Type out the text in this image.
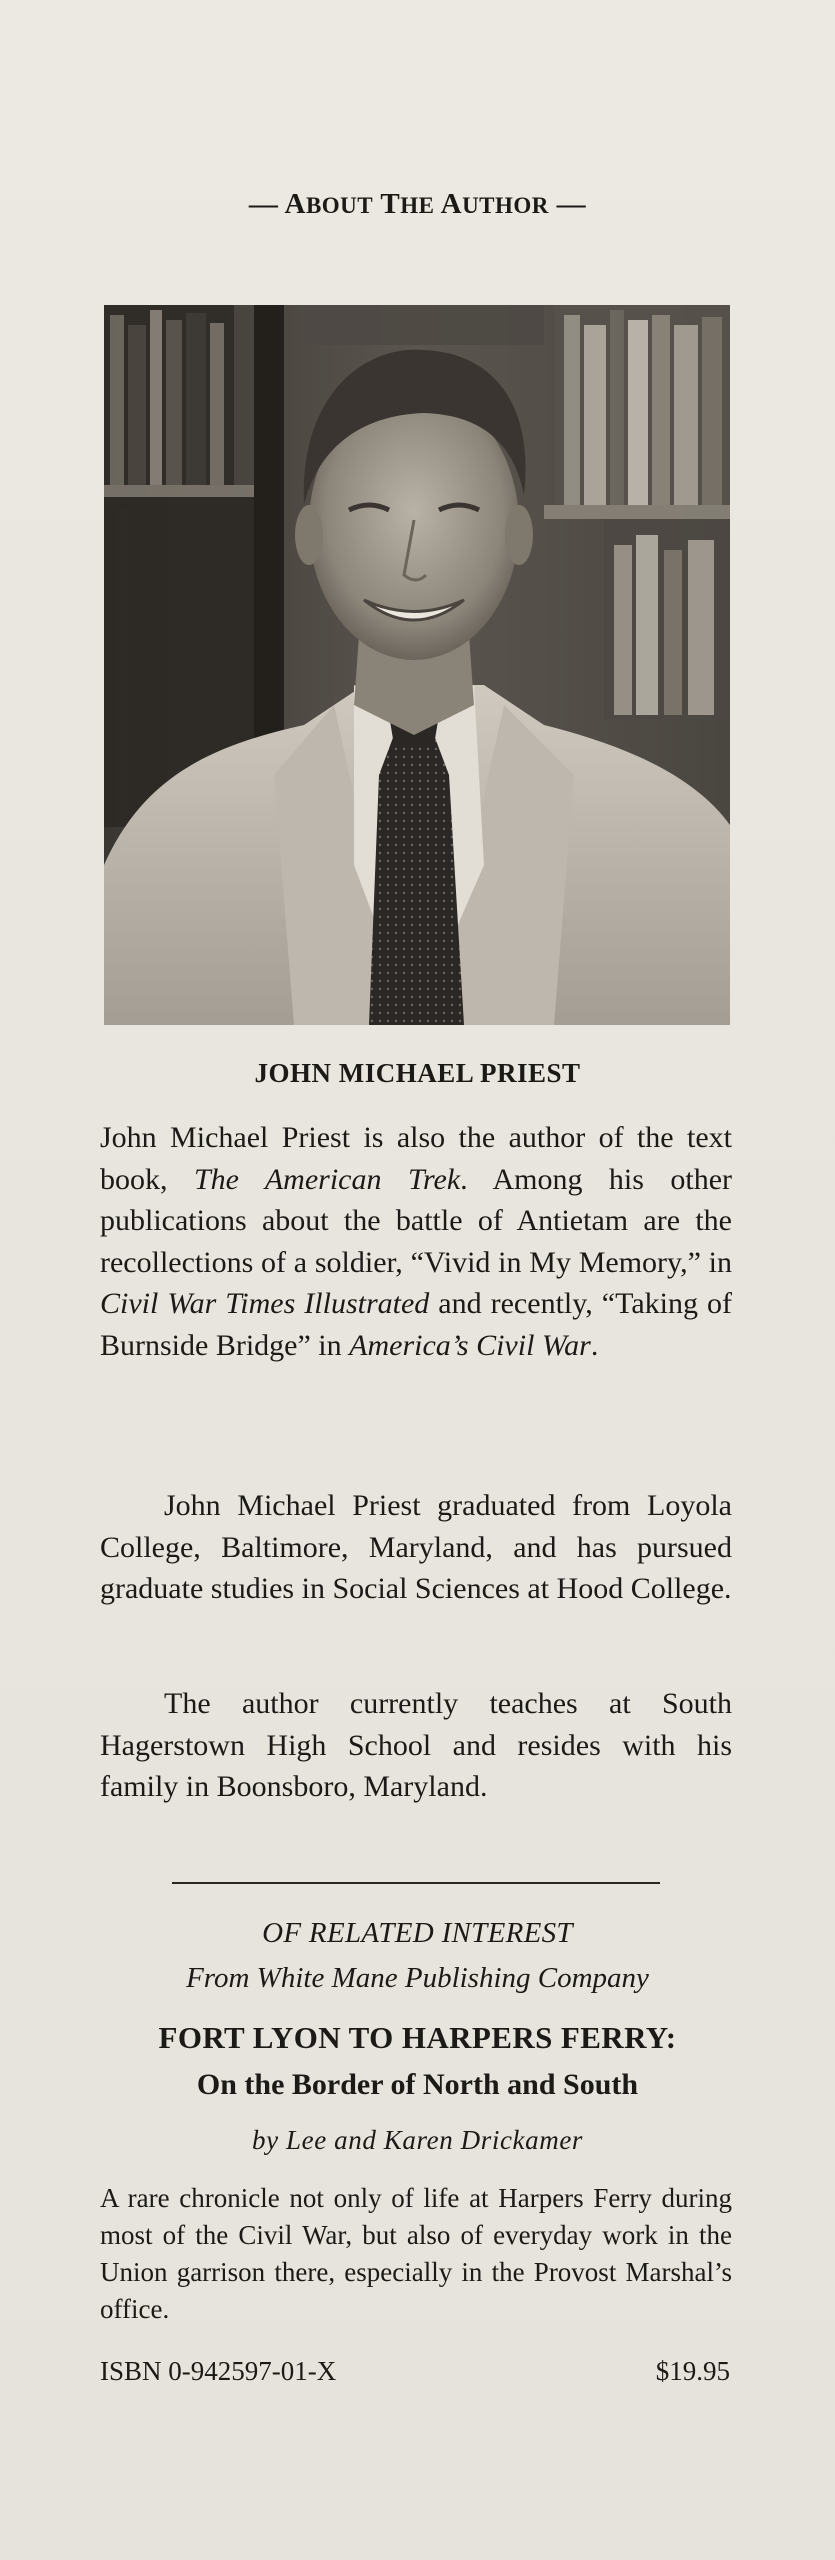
— ABOUT THE AUTHOR —
JOHN MICHAEL PRIEST

John Michael Priest is also the author of the text book, The American Trek. Among his other publications about the battle of Antietam are the recollections of a soldier, “Vivid in My Memory,” in Civil War Times Illustrated and recently, “Taking of Burnside Bridge” in America’s Civil War.

John Michael Priest graduated from Loyola College, Baltimore, Maryland, and has pursued graduate studies in Social Sciences at Hood College.

The author currently teaches at South Hagerstown High School and resides with his family in Boonsboro, Maryland.

OF RELATED INTEREST
From White Mane Publishing Company
FORT LYON TO HARPERS FERRY:
On the Border of North and South
by Lee and Karen Drickamer

A rare chronicle not only of life at Harpers Ferry during most of the Civil War, but also of everyday work in the Union garrison there, especially in the Provost Marshal’s office.

ISBN 0-942597-01-X	$19.95
